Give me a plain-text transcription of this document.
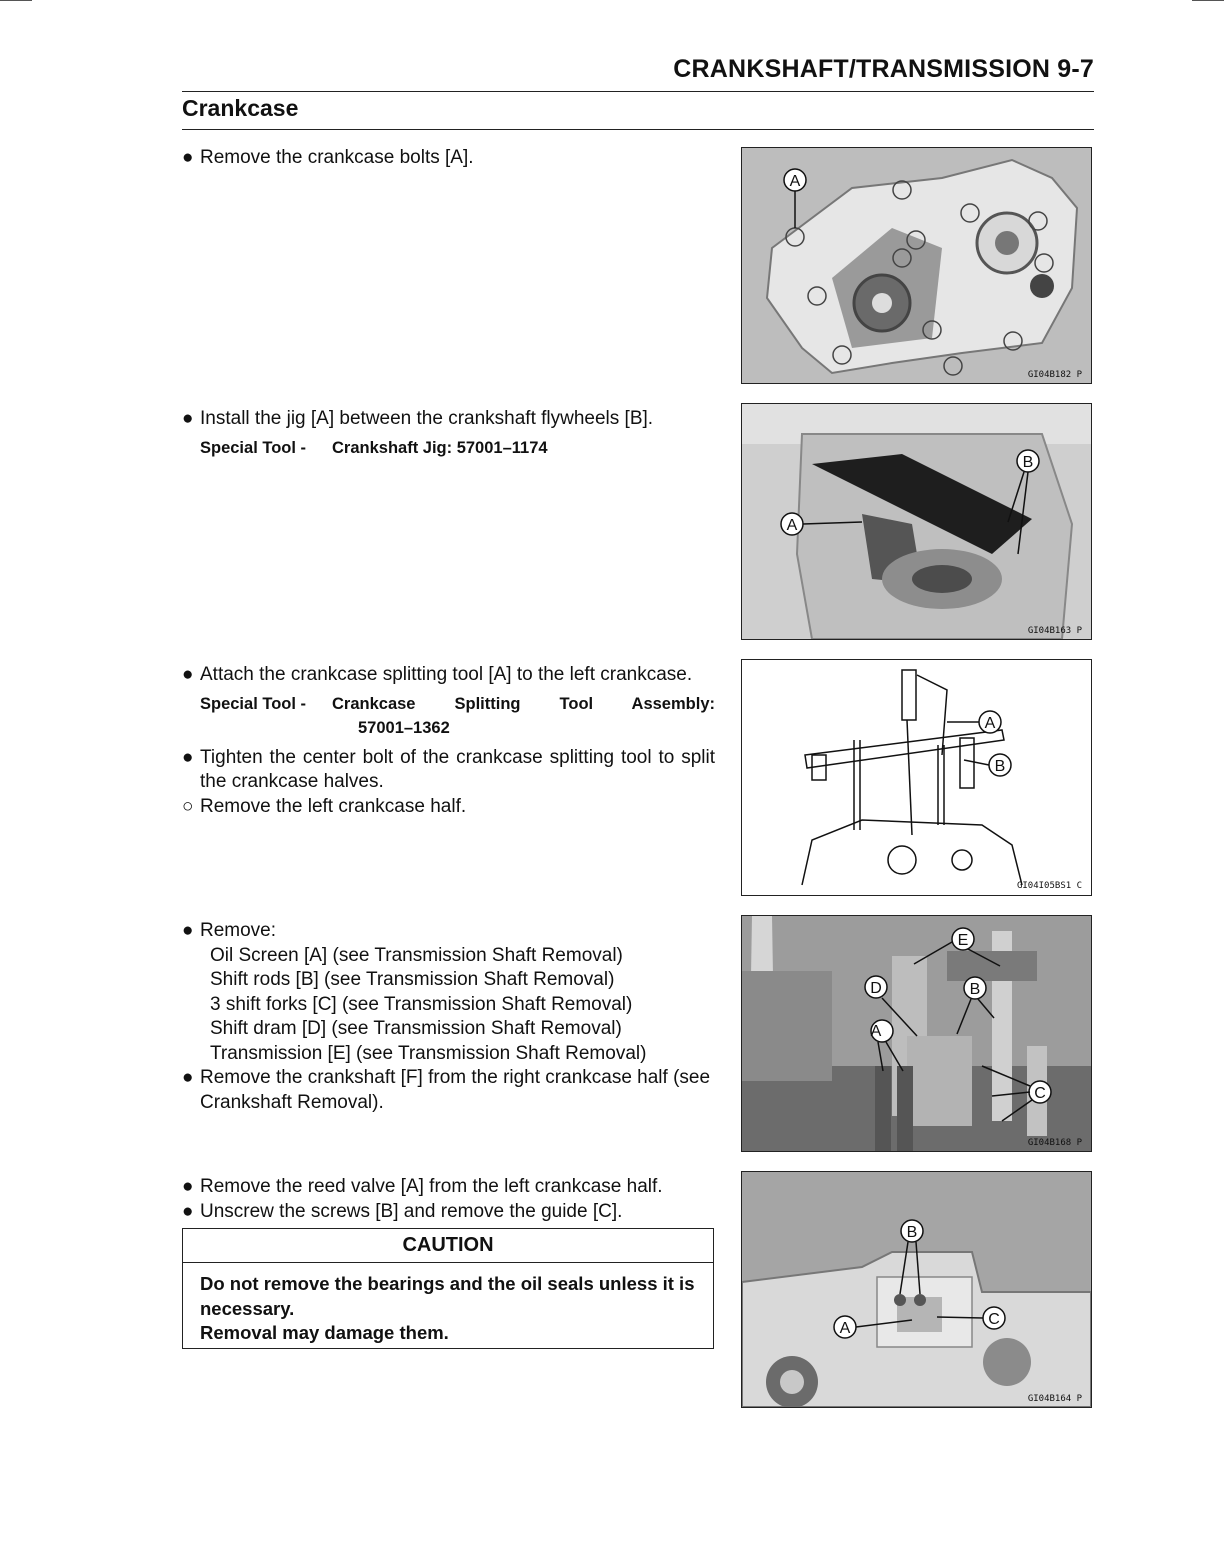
CRANKSHAFT/TRANSMISSION 9-7
Crankcase
● Remove the crankcase bolts [A].
● Install the jig [A] between the crankshaft flywheels [B].
Special Tool -	Crankshaft Jig: 57001–1174
● Attach the crankcase splitting tool [A] to the left crankcase.
Special Tool -	Crankcase Splitting Tool Assembly:
57001–1362
● Tighten the center bolt of the crankcase splitting tool to split the crankcase halves.
○ Remove the left crankcase half.
● Remove:
Oil Screen [A] (see Transmission Shaft Removal)
Shift rods [B] (see Transmission Shaft Removal)
3 shift forks [C] (see Transmission Shaft Removal)
Shift dram [D] (see Transmission Shaft Removal)
Transmission [E] (see Transmission Shaft Removal)
● Remove the crankshaft [F] from the right crankcase half (see Crankshaft Removal).
● Remove the reed valve [A] from the left crankcase half.
● Unscrew the screws [B] and remove the guide [C].
CAUTION
Do not remove the bearings and the oil seals unless it is necessary.
Removal may damage them.
A
GI04B182 P
A
B
GI04B163 P
A
B
GI04I05BS1 C
A
B
C
D
E
GI04B168 P
A
B
C
GI04B164 P
